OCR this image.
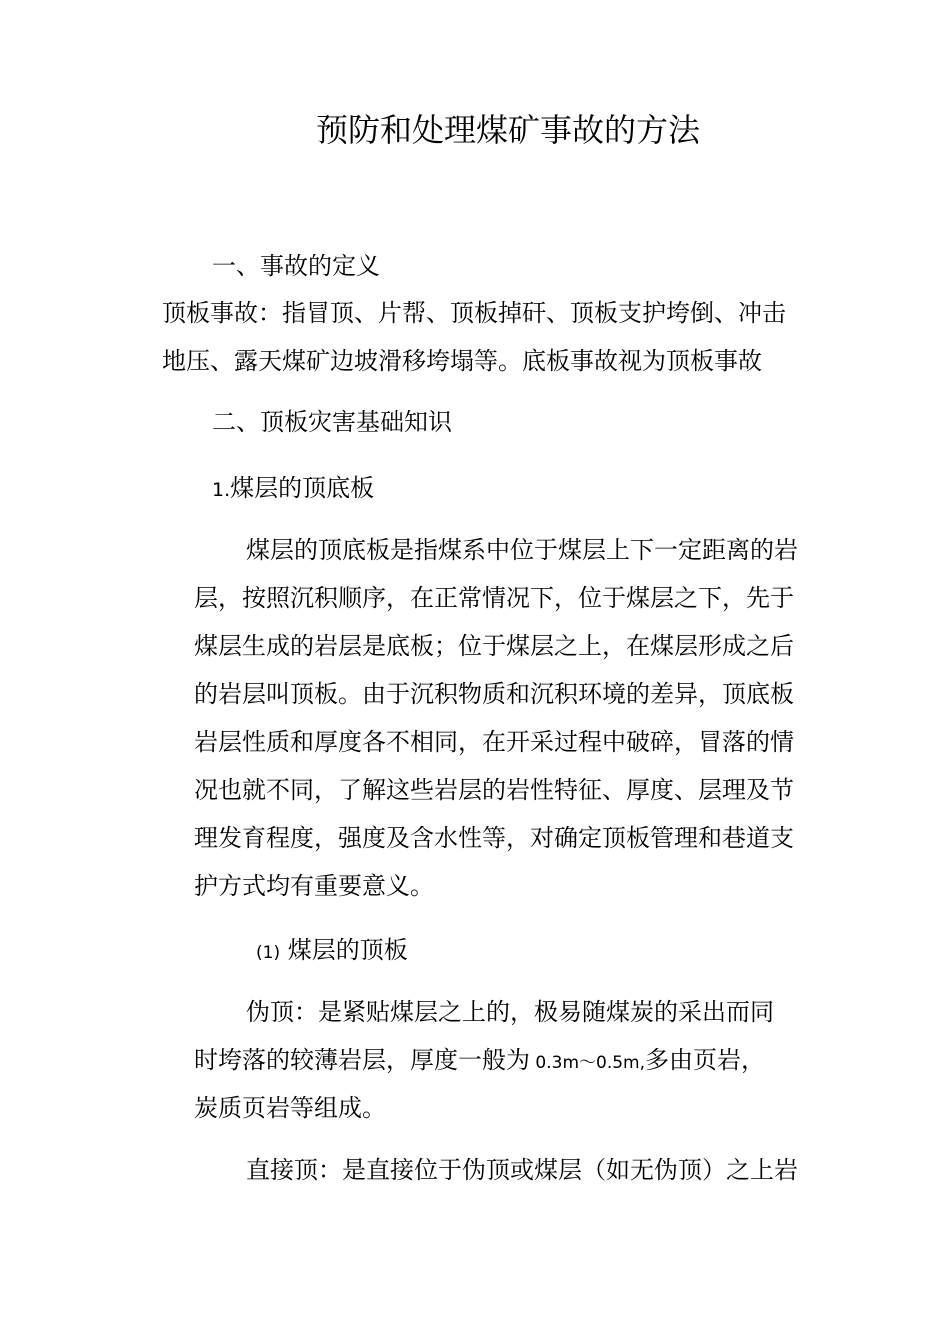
预防和处理煤矿事故的方法
一、事故的定义
顶板事故：指冒顶、片帮、顶板掉矸、顶板支护垮倒、冲击
地压、露天煤矿边坡滑移垮塌等。底板事故视为顶板事故
二、顶板灾害基础知识
1.煤层的顶底板
煤层的顶底板是指煤系中位于煤层上下一定距离的岩
层，按照沉积顺序，在正常情况下，位于煤层之下，先于
煤层生成的岩层是底板；位于煤层之上，在煤层形成之后
的岩层叫顶板。由于沉积物质和沉积环境的差异，顶底板
岩层性质和厚度各不相同，在开采过程中破碎，冒落的情
况也就不同，了解这些岩层的岩性特征、厚度、层理及节
理发育程度，强度及含水性等，对确定顶板管理和巷道支
护方式均有重要意义。
(1) 煤层的顶板
伪顶：是紧贴煤层之上的，极易随煤炭的采出而同
时垮落的较薄岩层，厚度一般为 0.3m〜0.5m,多由页岩，
炭质页岩等组成。
直接顶：是直接位于伪顶或煤层（如无伪顶）之上岩
